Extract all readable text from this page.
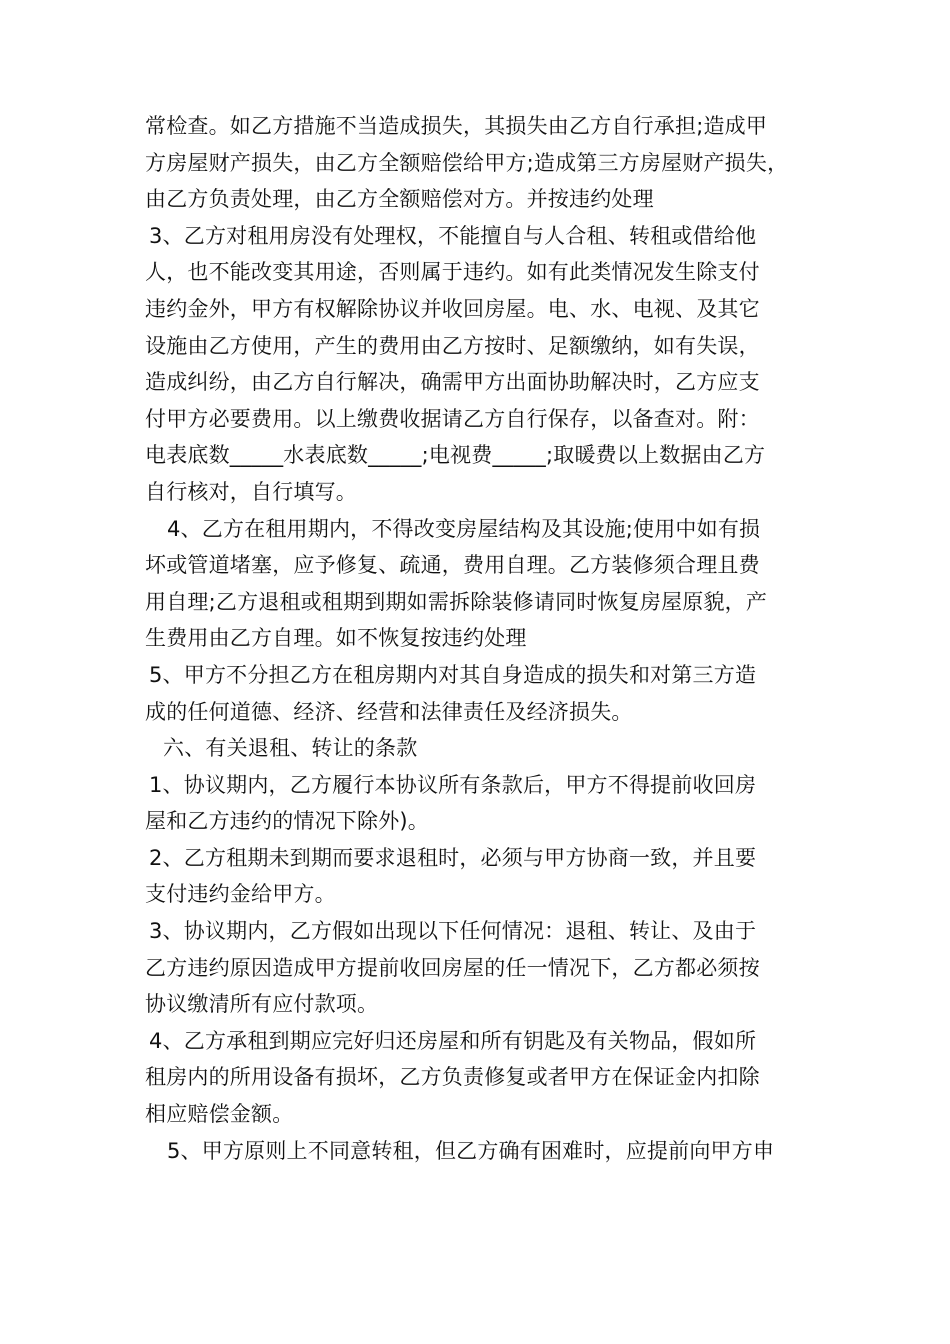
常检查。如乙方措施不当造成损失，其损失由乙方自行承担;造成甲
方房屋财产损失，由乙方全额赔偿给甲方;造成第三方房屋财产损失，
由乙方负责处理，由乙方全额赔偿对方。并按违约处理
3、乙方对租用房没有处理权，不能擅自与人合租、转租或借给他
人，也不能改变其用途，否则属于违约。如有此类情况发生除支付
违约金外，甲方有权解除协议并收回房屋。电、水、电视、及其它
设施由乙方使用，产生的费用由乙方按时、足额缴纳，如有失误，
造成纠纷，由乙方自行解决，确需甲方出面协助解决时，乙方应支
付甲方必要费用。以上缴费收据请乙方自行保存，以备查对。附：
电表底数_____水表底数_____;电视费_____;取暖费以上数据由乙方
自行核对，自行填写。
4、乙方在租用期内，不得改变房屋结构及其设施;使用中如有损
坏或管道堵塞，应予修复、疏通，费用自理。乙方装修须合理且费
用自理;乙方退租或租期到期如需拆除装修请同时恢复房屋原貌，产
生费用由乙方自理。如不恢复按违约处理
5、甲方不分担乙方在租房期内对其自身造成的损失和对第三方造
成的任何道德、经济、经营和法律责任及经济损失。
六、有关退租、转让的条款
1、协议期内，乙方履行本协议所有条款后，甲方不得提前收回房
屋和乙方违约的情况下除外)。
2、乙方租期未到期而要求退租时，必须与甲方协商一致，并且要
支付违约金给甲方。
3、协议期内，乙方假如出现以下任何情况：退租、转让、及由于
乙方违约原因造成甲方提前收回房屋的任一情况下，乙方都必须按
协议缴清所有应付款项。
4、乙方承租到期应完好归还房屋和所有钥匙及有关物品，假如所
租房内的所用设备有损坏，乙方负责修复或者甲方在保证金内扣除
相应赔偿金额。
5、甲方原则上不同意转租，但乙方确有困难时，应提前向甲方申
